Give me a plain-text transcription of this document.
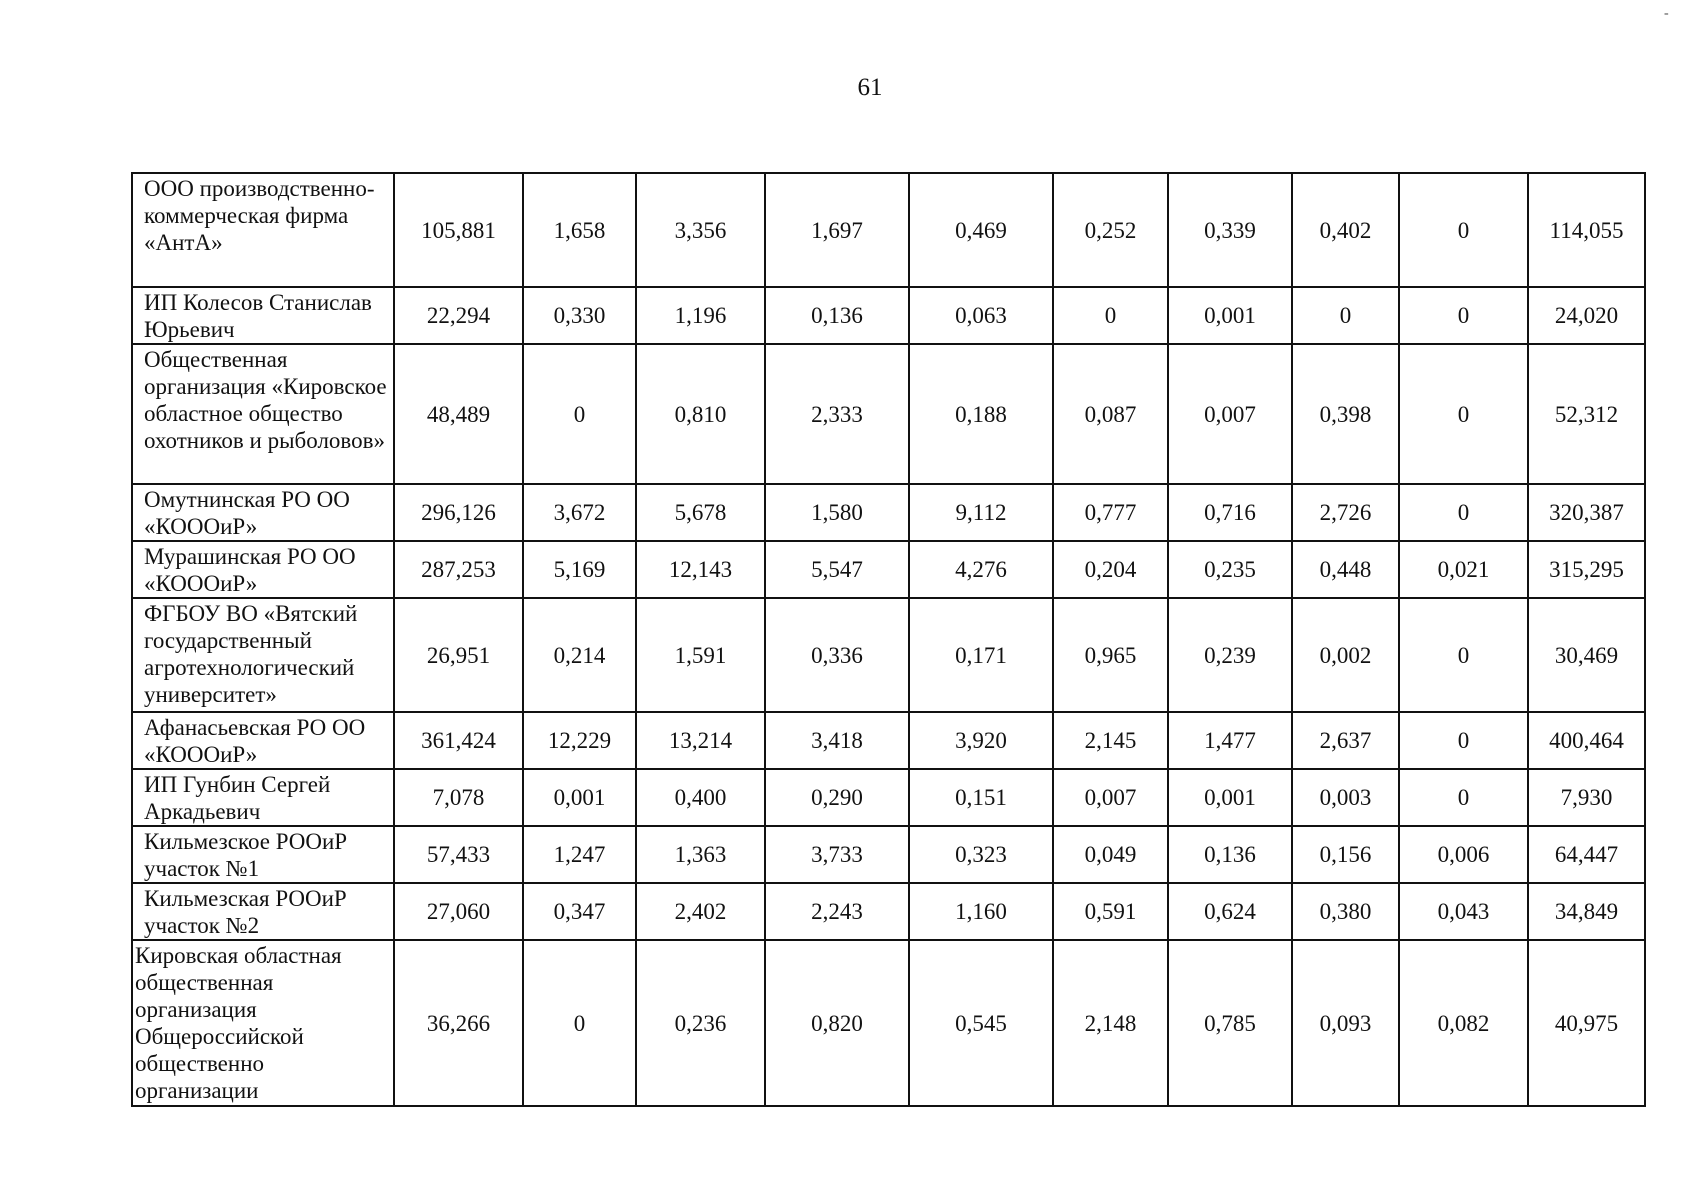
-
61
ООО производственно-коммерческая фирма «АнтА»	105,881	1,658	3,356	1,697	0,469	0,252	0,339	0,402	0	114,055
ИП Колесов Станислав Юрьевич	22,294	0,330	1,196	0,136	0,063	0	0,001	0	0	24,020
Общественная организация «Кировское областное общество охотников и рыболовов»	48,489	0	0,810	2,333	0,188	0,087	0,007	0,398	0	52,312
Омутнинская РО ОО «КОООиР»	296,126	3,672	5,678	1,580	9,112	0,777	0,716	2,726	0	320,387
Мурашинская РО ОО «КОООиР»	287,253	5,169	12,143	5,547	4,276	0,204	0,235	0,448	0,021	315,295
ФГБОУ ВО «Вятский государственный агротехнологический университет»	26,951	0,214	1,591	0,336	0,171	0,965	0,239	0,002	0	30,469
Афанасьевская РО ОО «КОООиР»	361,424	12,229	13,214	3,418	3,920	2,145	1,477	2,637	0	400,464
ИП Гунбин Сергей Аркадьевич	7,078	0,001	0,400	0,290	0,151	0,007	0,001	0,003	0	7,930
Кильмезское РООиР участок №1	57,433	1,247	1,363	3,733	0,323	0,049	0,136	0,156	0,006	64,447
Кильмезская РООиР участок №2	27,060	0,347	2,402	2,243	1,160	0,591	0,624	0,380	0,043	34,849
Кировская областная общественная организация Общероссийской общественно организации	36,266	0	0,236	0,820	0,545	2,148	0,785	0,093	0,082	40,975
